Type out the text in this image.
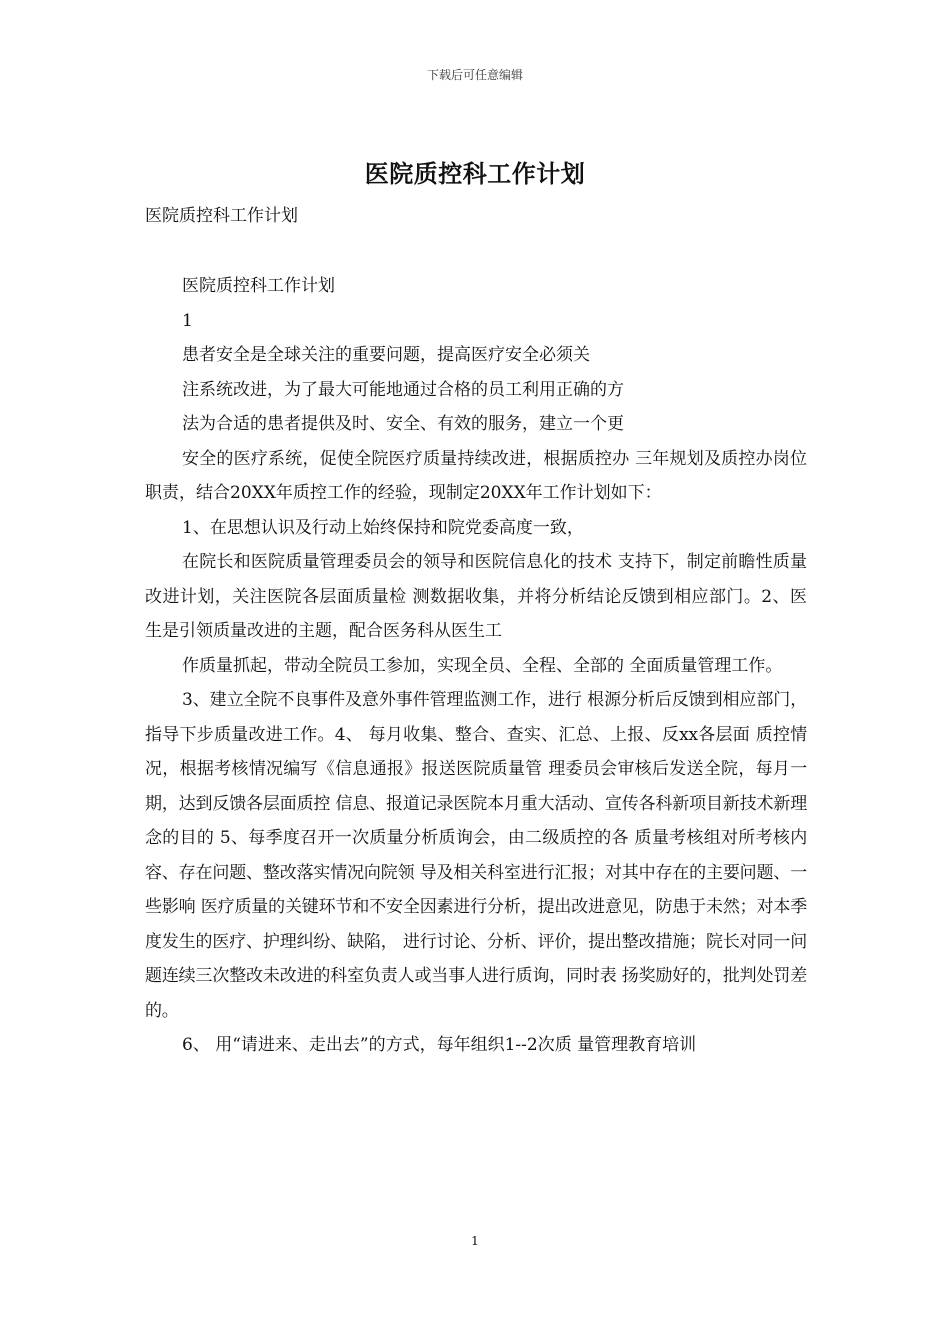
下载后可任意编辑
医院质控科工作计划
医院质控科工作计划

医院质控科工作计划

1

患者安全是全球关注的重要问题，提高医疗安全必须关

注系统改进，为了最大可能地通过合格的员工利用正确的方

法为合适的患者提供及时、安全、有效的服务，建立一个更

安全的医疗系统，促使全院医疗质量持续改进，根据质控办 三年规划及质控办岗位职责，结合20XX年质控工作的经验，现制定20XX年工作计划如下：

1、在思想认识及行动上始终保持和院党委高度一致，

在院长和医院质量管理委员会的领导和医院信息化的技术 支持下，制定前瞻性质量改进计划，关注医院各层面质量检 测数据收集，并将分析结论反馈到相应部门。2、医生是引领质量改进的主题，配合医务科从医生工

作质量抓起，带动全院员工参加，实现全员、全程、全部的 全面质量管理工作。

3、建立全院不良事件及意外事件管理监测工作，进行 根源分析后反馈到相应部门，指导下步质量改进工作。4、 每月收集、整合、查实、汇总、上报、反xx各层面 质控情况，根据考核情况编写《信息通报》报送医院质量管 理委员会审核后发送全院，每月一期，达到反馈各层面质控 信息、报道记录医院本月重大活动、宣传各科新项目新技术新理念的目的 5、每季度召开一次质量分析质询会，由二级质控的各 质量考核组对所考核内容、存在问题、整改落实情况向院领 导及相关科室进行汇报；对其中存在的主要问题、一些影响 医疗质量的关键环节和不安全因素进行分析，提出改进意见，防患于未然；对本季度发生的医疗、护理纠纷、缺陷， 进行讨论、分析、评价，提出整改措施；院长对同一问题连续三次整改未改进的科室负责人或当事人进行质询，同时表 扬奖励好的，批判处罚差的。

6、 用“请进来、走出去”的方式，每年组织1--2次质 量管理教育培训

1
